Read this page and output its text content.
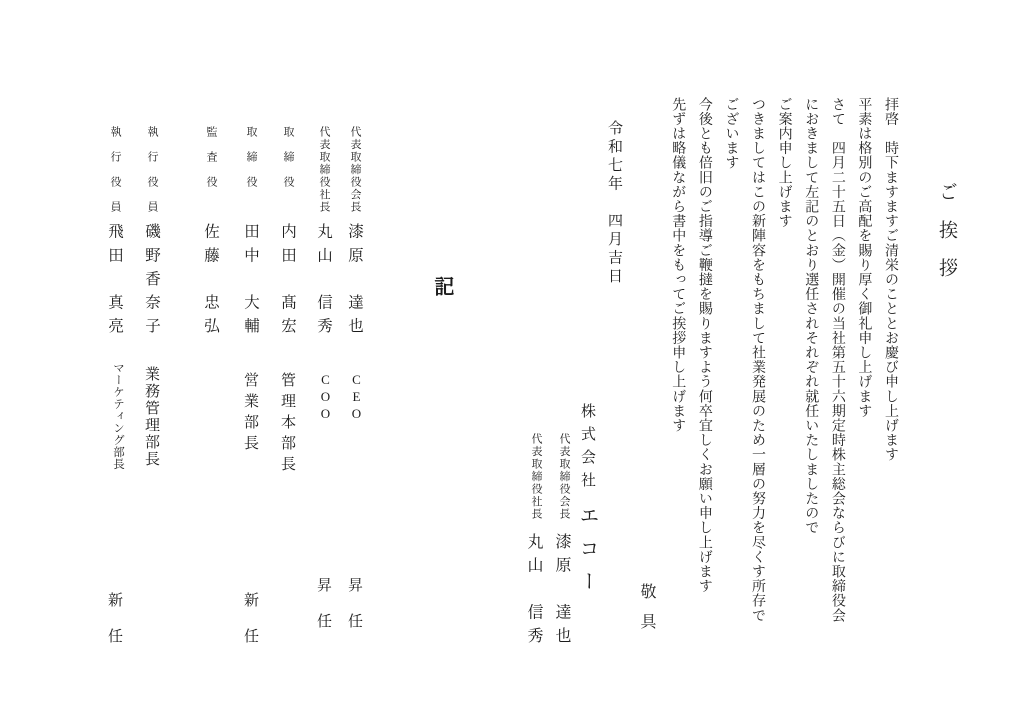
ご挨拶

拝啓　時下ますますご清栄のこととお慶び申し上げます

平素は格別のご高配を賜り厚く御礼申し上げます

さて　四月二十五日（金）開催の当社第五十六期定時株主総会ならびに取締役会

におきまして左記のとおり選任されそれぞれ就任いたしましたので

ご案内申し上げます

つきましてはこの新陣容をもちまして社業発展のため一層の努力を尽くす所存で

ございます

今後とも倍旧のご指導ご鞭撻を賜りますよう何卒宜しくお願い申し上げます

先ずは略儀ながら書中をもってご挨拶申し上げます

敬具
令和七年　四月吉日
株式会社エコー
代表取締役会長
漆原　達也
代表取締役社長
丸山　信秀
記
代表取締役会長
漆原　達也
CEO
昇任
代表取締役社長
丸山　信秀
COO
昇任
取締役
内田　髙宏
管理本部長
取締役
田中　大輔
営業部長
新任
監査役
佐藤　忠弘
執行役員
磯野香奈子
業務管理部長
執行役員
飛田　真亮
マーケティング部長
新任
